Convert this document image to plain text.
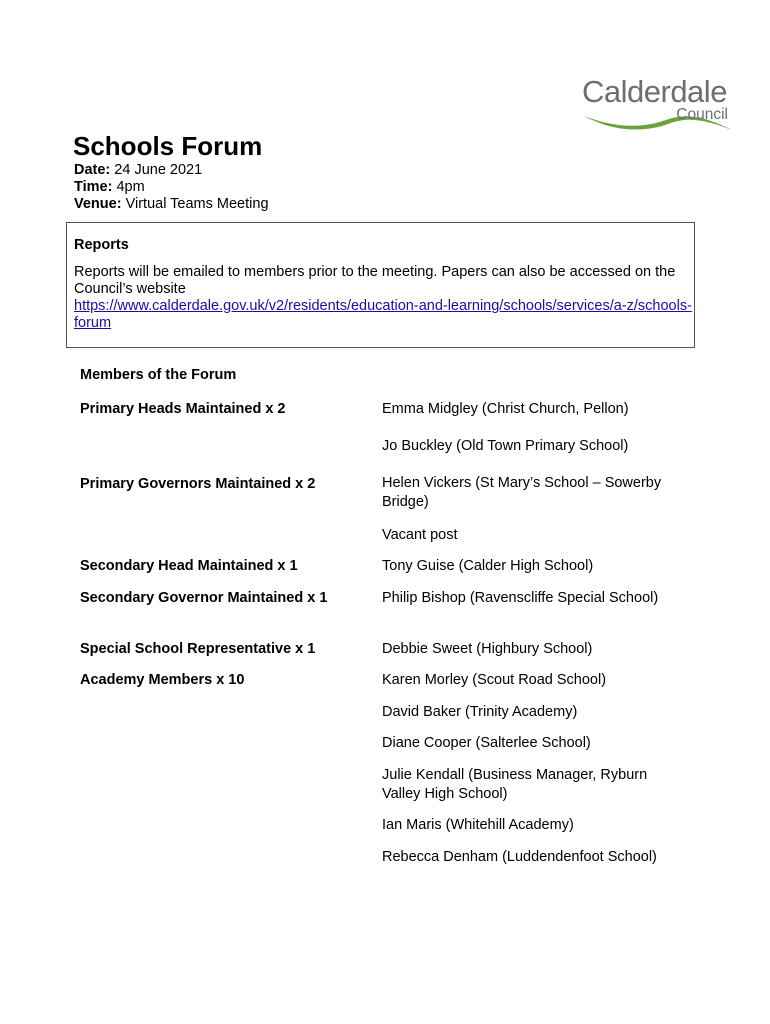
Calderdale
Council
Schools Forum
Date: 24 June 2021
Time: 4pm
Venue: Virtual Teams Meeting
Reports
Reports will be emailed to members prior to the meeting. Papers can also be accessed on the Council’s website
https://www.calderdale.gov.uk/v2/residents/education-and-learning/schools/services/a-z/schools-forum
Members of the Forum
Primary Heads Maintained x 2	Emma Midgley (Christ Church, Pellon)
Jo Buckley (Old Town Primary School)
Primary Governors Maintained x 2	Helen Vickers (St Mary’s School – Sowerby Bridge)
Vacant post
Secondary Head Maintained x 1	Tony Guise (Calder High School)
Secondary Governor Maintained x 1	Philip Bishop (Ravenscliffe Special School)
Special School Representative x 1	Debbie Sweet (Highbury School)
Academy Members x 10	Karen Morley (Scout Road School)
David Baker (Trinity Academy)
Diane Cooper (Salterlee School)
Julie Kendall (Business Manager, Ryburn Valley High School)
Ian Maris (Whitehill Academy)
Rebecca Denham (Luddendenfoot School)
